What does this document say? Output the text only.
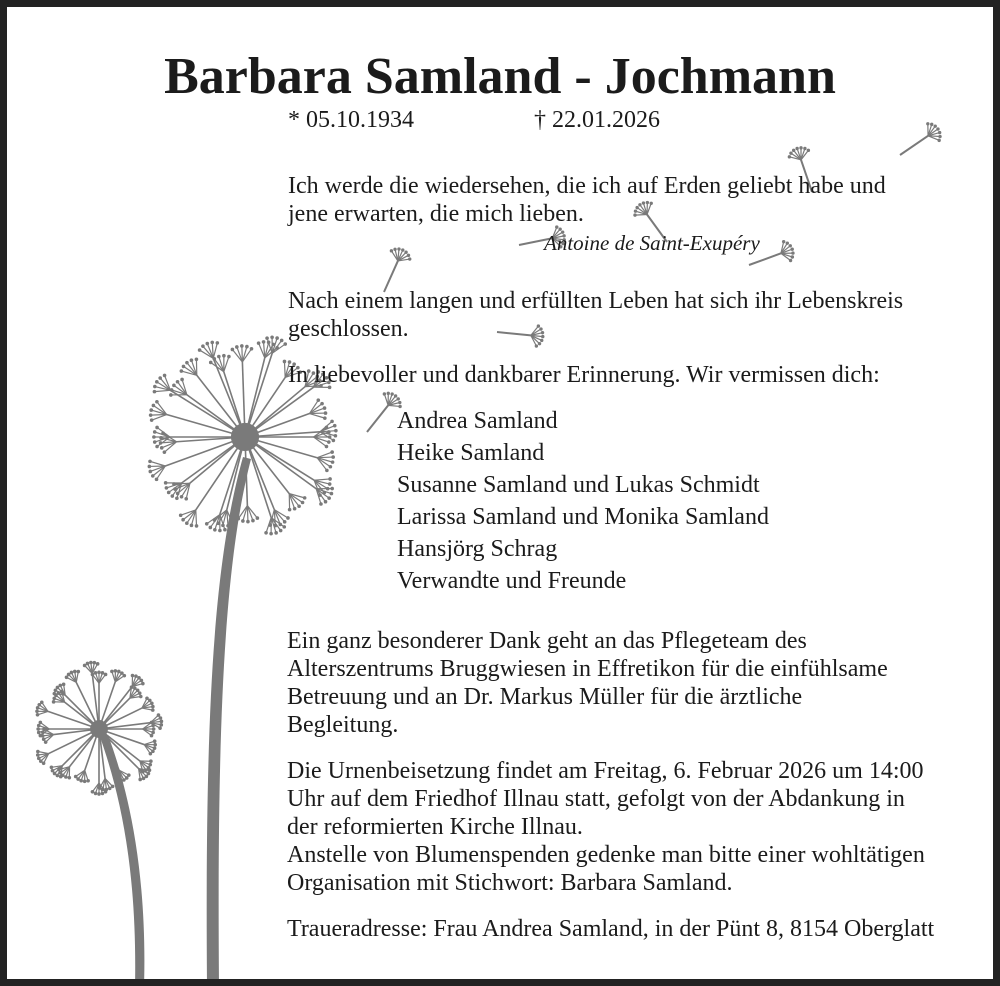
Barbara Samland - Jochmann
* 05.10.1934	† 22.01.2026
Ich werde die wiedersehen, die ich auf Erden geliebt habe und
jene erwarten, die mich lieben.
Antoine de Saint-Exupéry
Nach einem langen und erfüllten Leben hat sich ihr Lebenskreis
geschlossen.
In liebevoller und dankbarer Erinnerung. Wir vermissen dich:
Andrea Samland
Heike Samland
Susanne Samland und Lukas Schmidt
Larissa Samland und Monika Samland
Hansjörg Schrag
Verwandte und Freunde
Ein ganz besonderer Dank geht an das Pflegeteam des
Alterszentrums Bruggwiesen in Effretikon für die einfühlsame
Betreuung und an Dr. Markus Müller für die ärztliche
Begleitung.
Die Urnenbeisetzung findet am Freitag, 6. Februar 2026 um 14:00
Uhr auf dem Friedhof Illnau statt, gefolgt von der Abdankung in
der reformierten Kirche Illnau.
Anstelle von Blumenspenden gedenke man bitte einer wohltätigen
Organisation mit Stichwort: Barbara Samland.
Traueradresse: Frau Andrea Samland, in der Pünt 8, 8154 Oberglatt
